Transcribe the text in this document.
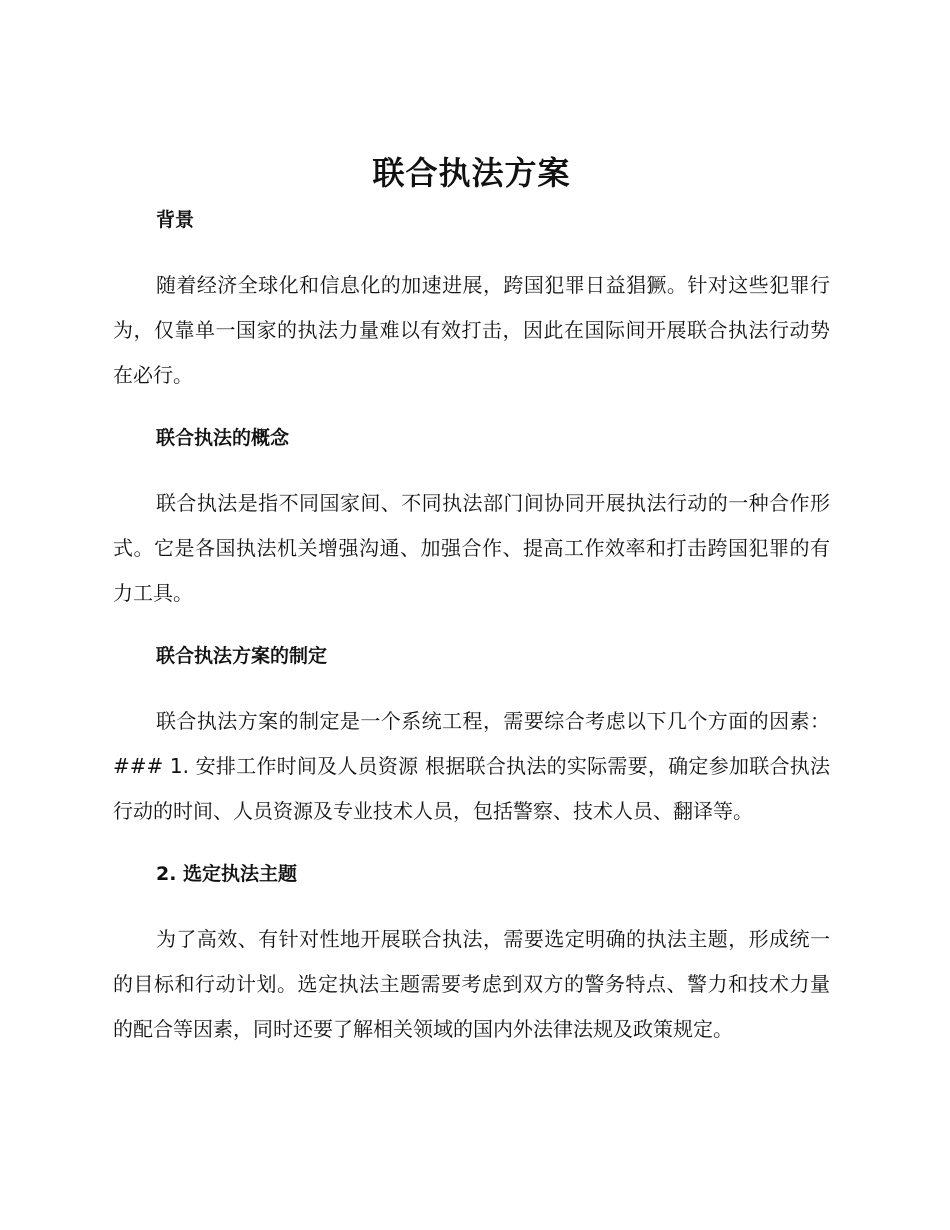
联合执法方案
背景

随着经济全球化和信息化的加速进展，跨国犯罪日益猖獗。针对这些犯罪行为，仅靠单一国家的执法力量难以有效打击，因此在国际间开展联合执法行动势在必行。

联合执法的概念

联合执法是指不同国家间、不同执法部门间协同开展执法行动的一种合作形式。它是各国执法机关增强沟通、加强合作、提高工作效率和打击跨国犯罪的有力工具。

联合执法方案的制定

联合执法方案的制定是一个系统工程，需要综合考虑以下几个方面的因素： ### 1. 安排工作时间及人员资源 根据联合执法的实际需要，确定参加联合执法行动的时间、人员资源及专业技术人员，包括警察、技术人员、翻译等。

2. 选定执法主题

为了高效、有针对性地开展联合执法，需要选定明确的执法主题，形成统一的目标和行动计划。选定执法主题需要考虑到双方的警务特点、警力和技术力量的配合等因素，同时还要了解相关领域的国内外法律法规及政策规定。
